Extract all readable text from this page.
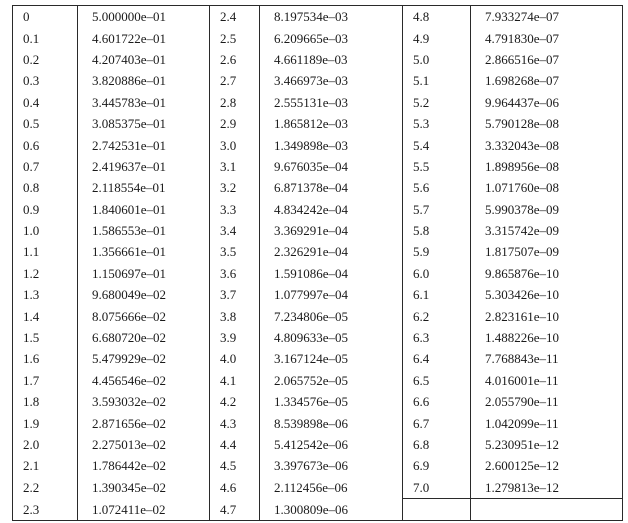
0	5.000000e–01	2.4	8.197534e–03	4.8	7.933274e–07
0.1	4.601722e–01	2.5	6.209665e–03	4.9	4.791830e–07
0.2	4.207403e–01	2.6	4.661189e–03	5.0	2.866516e–07
0.3	3.820886e–01	2.7	3.466973e–03	5.1	1.698268e–07
0.4	3.445783e–01	2.8	2.555131e–03	5.2	9.964437e–06
0.5	3.085375e–01	2.9	1.865812e–03	5.3	5.790128e–08
0.6	2.742531e–01	3.0	1.349898e–03	5.4	3.332043e–08
0.7	2.419637e–01	3.1	9.676035e–04	5.5	1.898956e–08
0.8	2.118554e–01	3.2	6.871378e–04	5.6	1.071760e–08
0.9	1.840601e–01	3.3	4.834242e–04	5.7	5.990378e–09
1.0	1.586553e–01	3.4	3.369291e–04	5.8	3.315742e–09
1.1	1.356661e–01	3.5	2.326291e–04	5.9	1.817507e–09
1.2	1.150697e–01	3.6	1.591086e–04	6.0	9.865876e–10
1.3	9.680049e–02	3.7	1.077997e–04	6.1	5.303426e–10
1.4	8.075666e–02	3.8	7.234806e–05	6.2	2.823161e–10
1.5	6.680720e–02	3.9	4.809633e–05	6.3	1.488226e–10
1.6	5.479929e–02	4.0	3.167124e–05	6.4	7.768843e–11
1.7	4.456546e–02	4.1	2.065752e–05	6.5	4.016001e–11
1.8	3.593032e–02	4.2	1.334576e–05	6.6	2.055790e–11
1.9	2.871656e–02	4.3	8.539898e–06	6.7	1.042099e–11
2.0	2.275013e–02	4.4	5.412542e–06	6.8	5.230951e–12
2.1	1.786442e–02	4.5	3.397673e–06	6.9	2.600125e–12
2.2	1.390345e–02	4.6	2.112456e–06	7.0	1.279813e–12
2.3	1.072411e–02	4.7	1.300809e–06		
